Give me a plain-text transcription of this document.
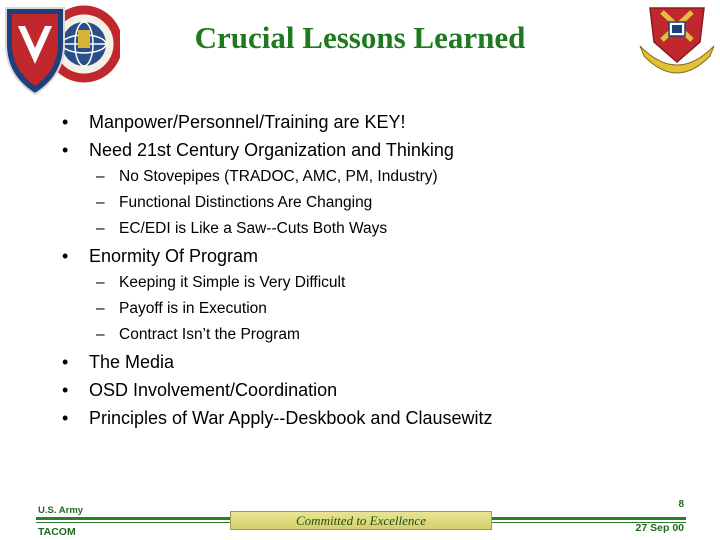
Crucial Lessons Learned
• Manpower/Personnel/Training are KEY!
• Need 21st Century Organization and Thinking
– No Stovepipes (TRADOC, AMC, PM, Industry)
– Functional Distinctions Are Changing
– EC/EDI is Like a Saw--Cuts Both Ways
• Enormity Of Program
– Keeping it Simple is Very Difficult
– Payoff is in Execution
– Contract Isn’t the Program
• The Media
• OSD Involvement/Coordination
• Principles of War Apply--Deskbook and Clausewitz
U.S. Army
TACOM
Committed to Excellence
8
27 Sep 00
